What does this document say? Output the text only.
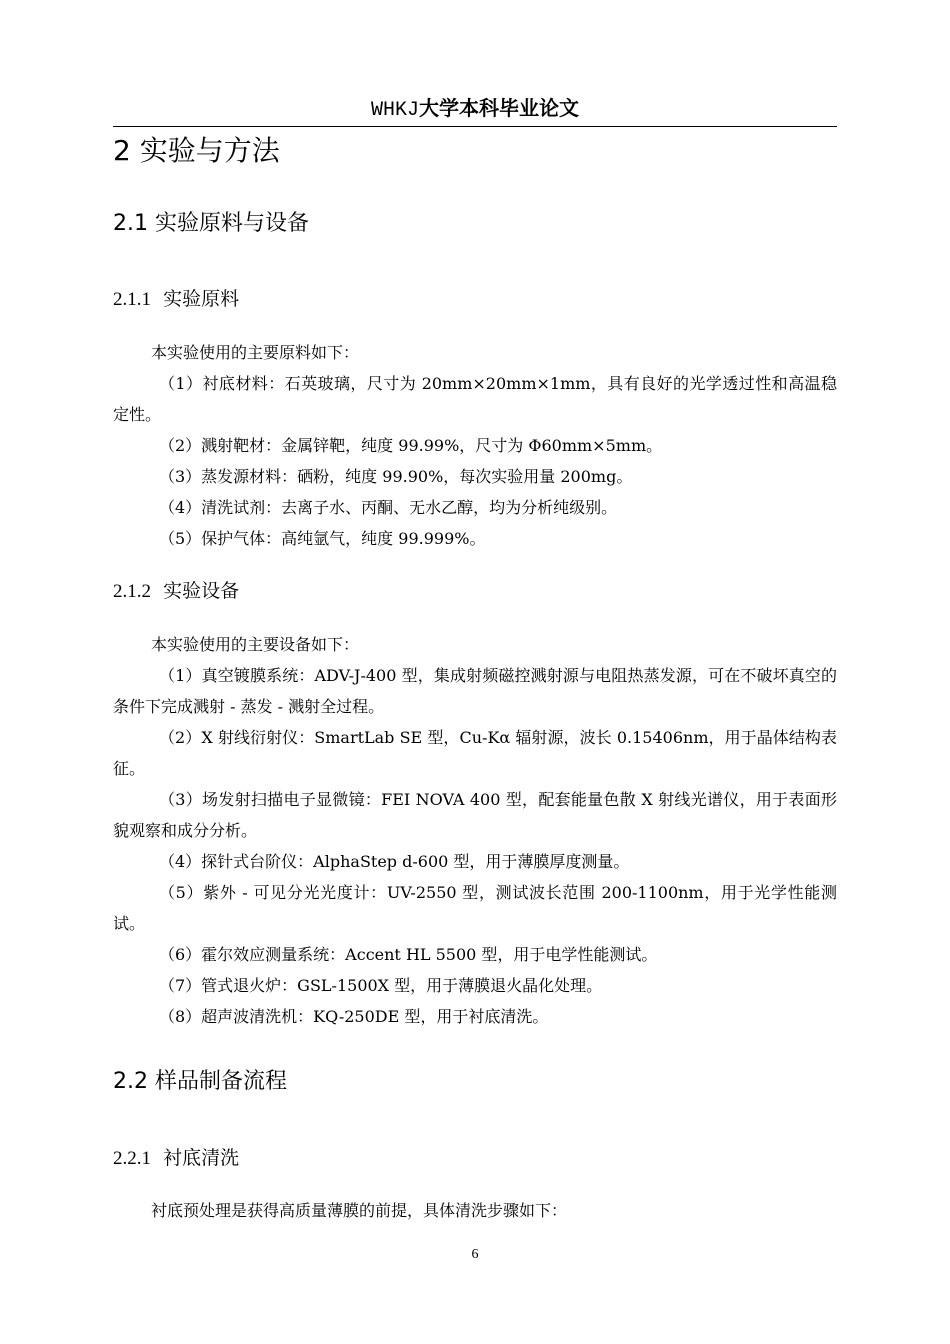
WHKJ大学本科毕业论文
2 实验与方法
2.1 实验原料与设备
2.1.1 实验原料
本实验使用的主要原料如下：
（1）衬底材料：石英玻璃，尺寸为 20mm×20mm×1mm，具有良好的光学透过性和高温稳定性。
（2）溅射靶材：金属锌靶，纯度 99.99%，尺寸为 Φ60mm×5mm。
（3）蒸发源材料：硒粉，纯度 99.90%，每次实验用量 200mg。
（4）清洗试剂：去离子水、丙酮、无水乙醇，均为分析纯级别。
（5）保护气体：高纯氩气，纯度 99.999%。
2.1.2 实验设备
本实验使用的主要设备如下：
（1）真空镀膜系统：ADV-J-400 型，集成射频磁控溅射源与电阻热蒸发源，可在不破坏真空的条件下完成溅射 - 蒸发 - 溅射全过程。
（2）X 射线衍射仪：SmartLab SE 型，Cu-Kα 辐射源，波长 0.15406nm，用于晶体结构表征。
（3）场发射扫描电子显微镜：FEI NOVA 400 型，配套能量色散 X 射线光谱仪，用于表面形貌观察和成分分析。
（4）探针式台阶仪：AlphaStep d-600 型，用于薄膜厚度测量。
（5）紫外 - 可见分光光度计：UV-2550 型，测试波长范围 200-1100nm，用于光学性能测试。
（6）霍尔效应测量系统：Accent HL 5500 型，用于电学性能测试。
（7）管式退火炉：GSL-1500X 型，用于薄膜退火晶化处理。
（8）超声波清洗机：KQ-250DE 型，用于衬底清洗。
2.2 样品制备流程
2.2.1 衬底清洗
衬底预处理是获得高质量薄膜的前提，具体清洗步骤如下：
6
